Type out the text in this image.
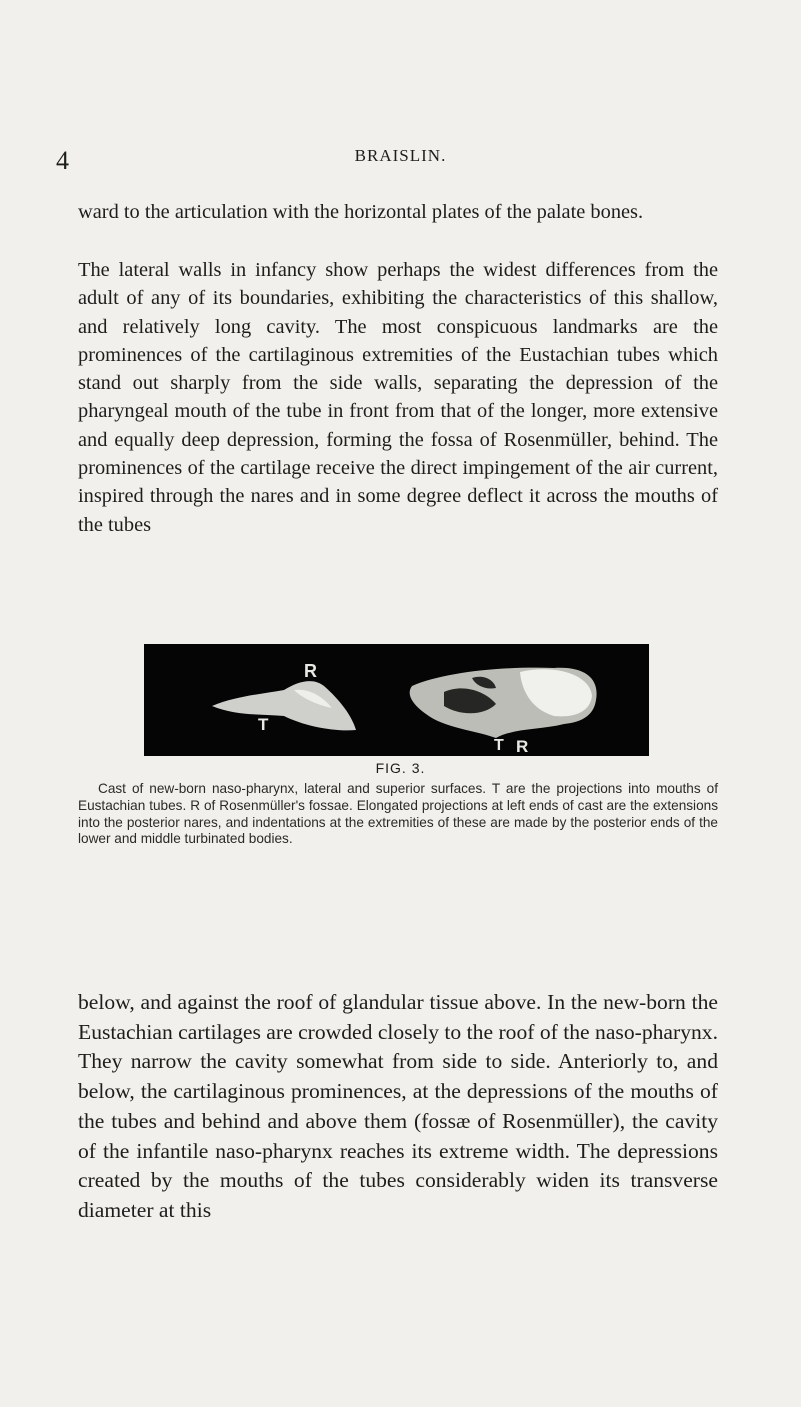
4	BRAISLIN.

ward to the articulation with the horizontal plates of the palate bones.

The lateral walls in infancy show perhaps the widest differences from the adult of any of its boundaries, exhibiting the characteristics of this shallow, and relatively long cavity. The most conspicuous landmarks are the prominences of the cartilaginous extremities of the Eustachian tubes which stand out sharply from the side walls, separating the depression of the pharyngeal mouth of the tube in front from that of the longer, more extensive and equally deep depression, forming the fossa of Rosenmüller, behind. The prominences of the cartilage receive the direct impingement of the air current, inspired through the nares and in some degree deflect it across the mouths of the tubes

R
T
T R
FIG. 3.

Cast of new-born naso-pharynx, lateral and superior surfaces. T are the projections into mouths of Eustachian tubes. R of Rosenmüller's fossae. Elongated projections at left ends of cast are the extensions into the posterior nares, and indentations at the extremities of these are made by the posterior ends of the lower and middle turbinated bodies.

below, and against the roof of glandular tissue above. In the new-born the Eustachian cartilages are crowded closely to the roof of the naso-pharynx. They narrow the cavity somewhat from side to side. Anteriorly to, and below, the cartilaginous prominences, at the depressions of the mouths of the tubes and behind and above them (fossæ of Rosenmüller), the cavity of the infantile naso-pharynx reaches its extreme width. The depressions created by the mouths of the tubes considerably widen its transverse diameter at this
